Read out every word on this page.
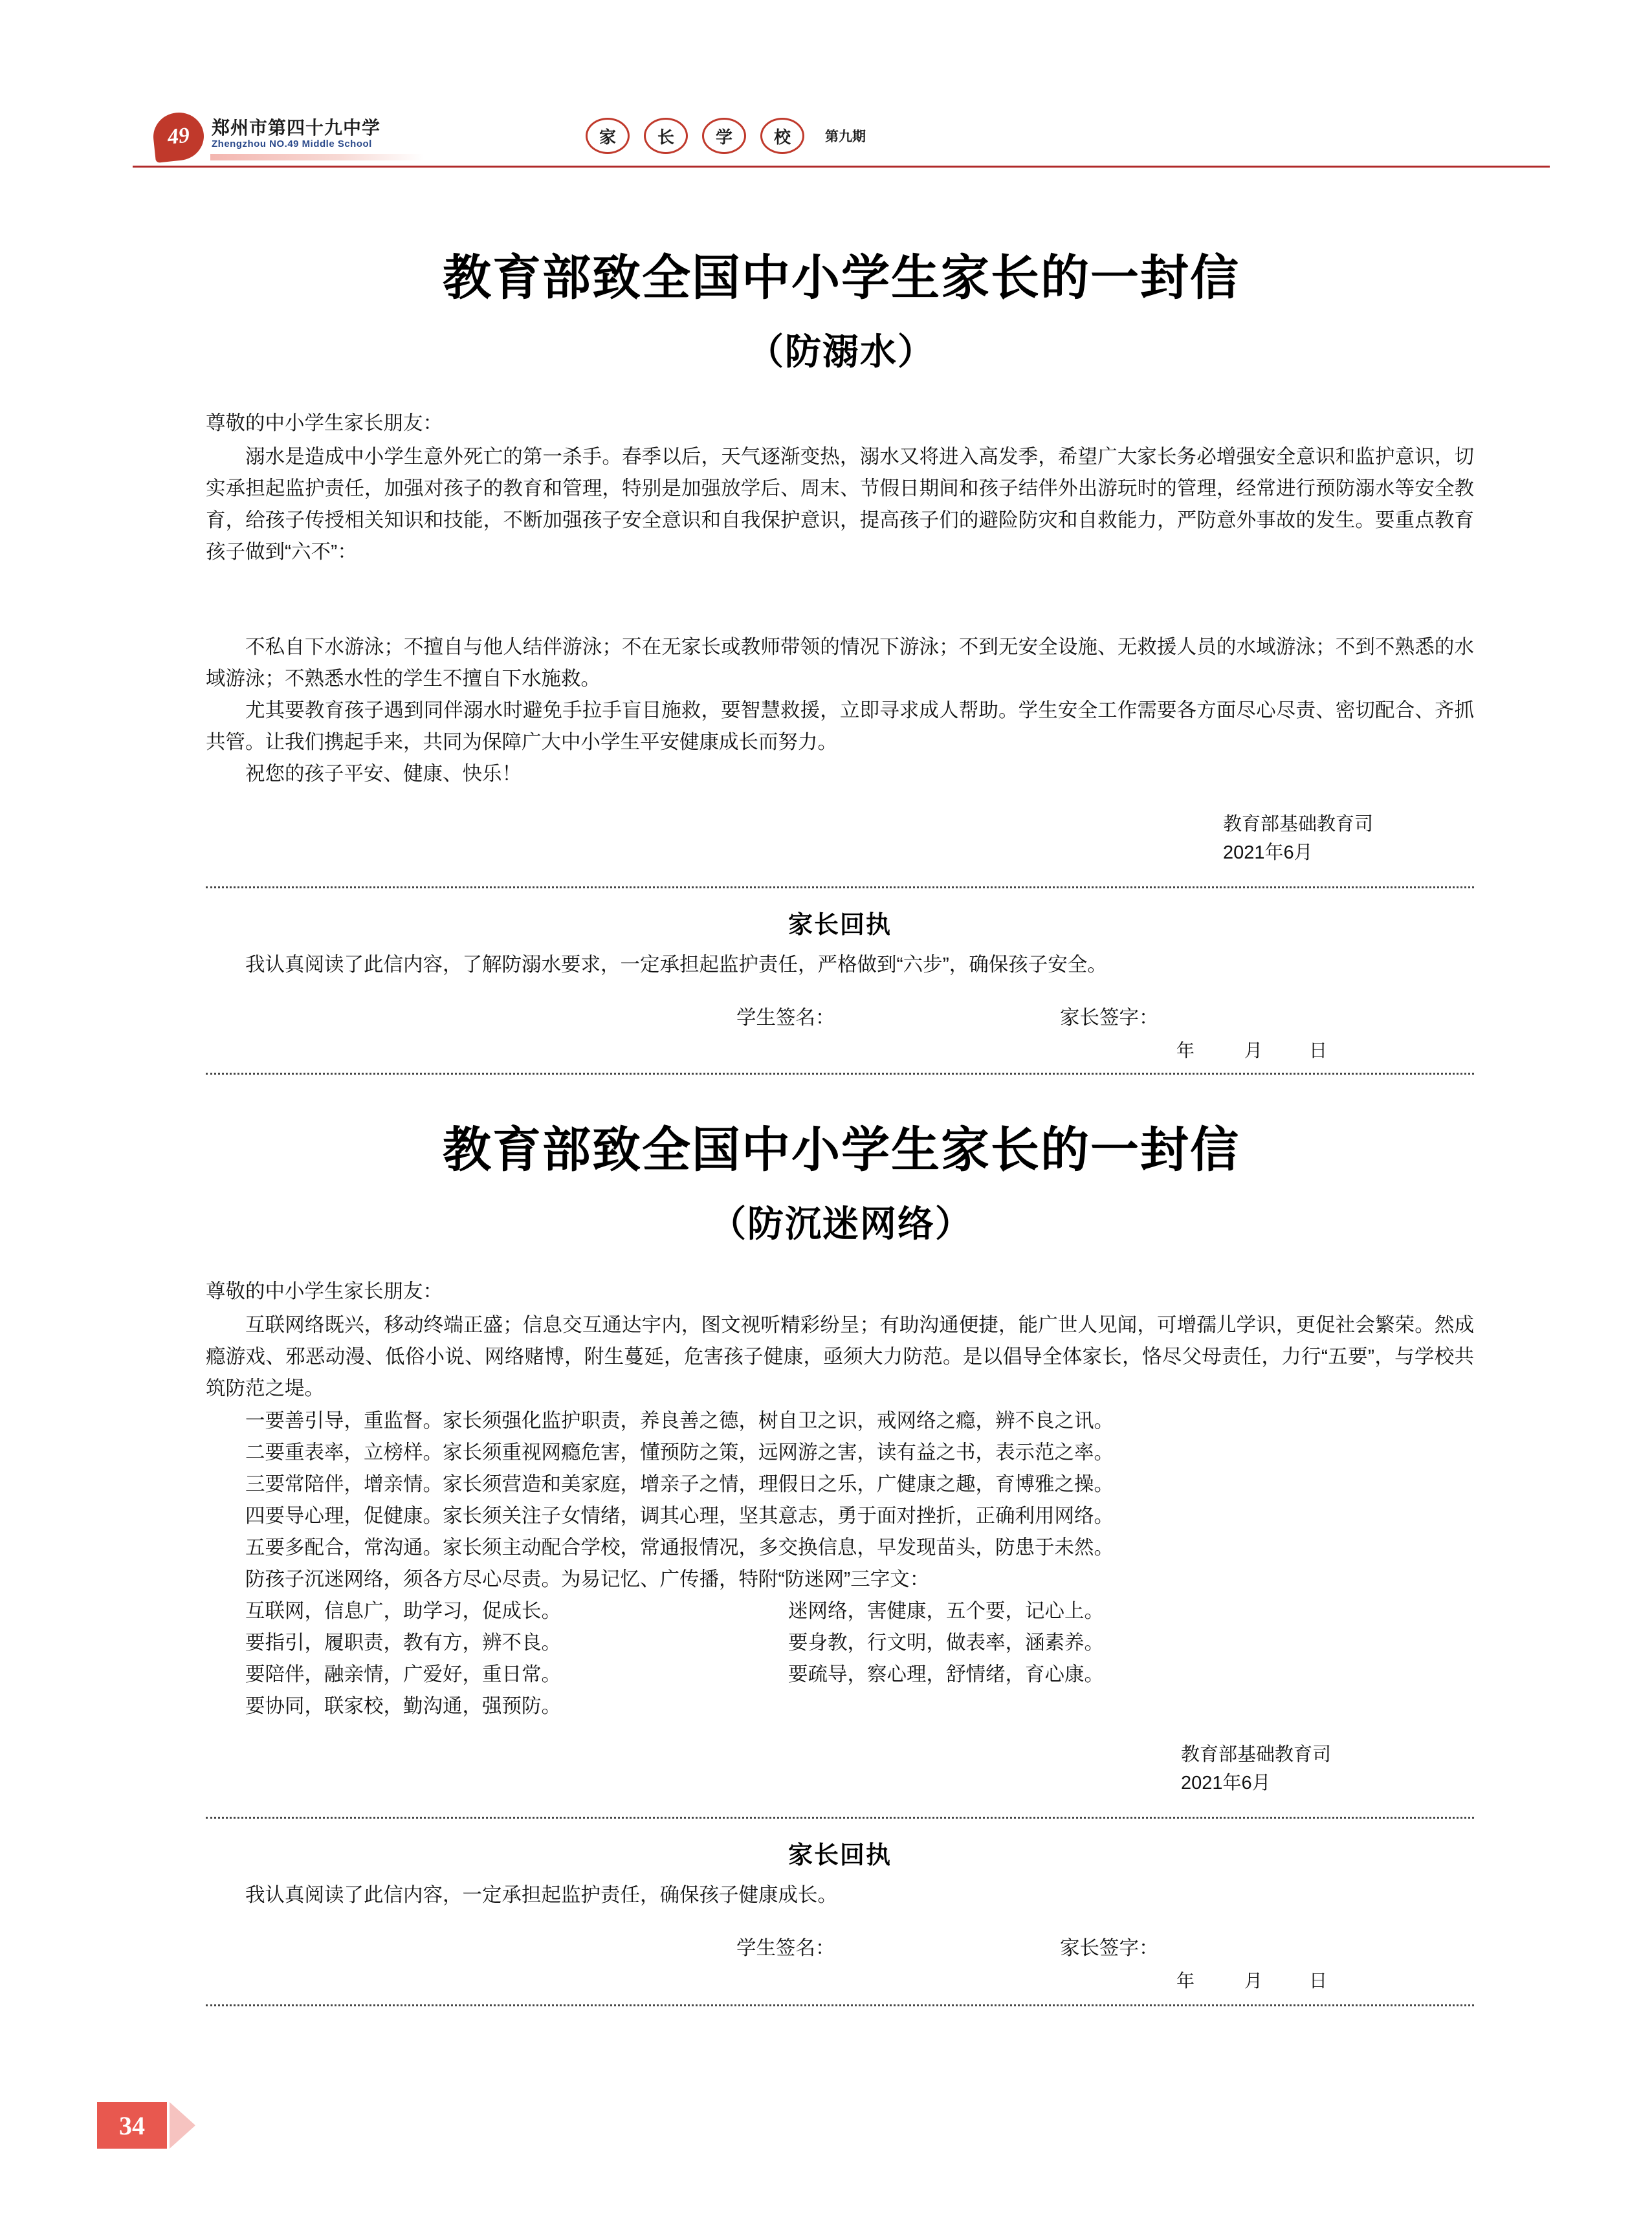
49 郑州市第四十九中学
Zhengzhou NO.49 Middle School	家	长	学	校	第九期
教育部致全国中小学生家长的一封信
（防溺水）
尊敬的中小学生家长朋友：
溺水是造成中小学生意外死亡的第一杀手。春季以后，天气逐渐变热，溺水又将进入高发季，希望广大家长务必增强安全意识和监护意识，切实承担起监护责任，加强对孩子的教育和管理，特别是加强放学后、周末、节假日期间和孩子结伴外出游玩时的管理，经常进行预防溺水等安全教育，给孩子传授相关知识和技能，不断加强孩子安全意识和自我保护意识，提高孩子们的避险防灾和自救能力，严防意外事故的发生。要重点教育孩子做到“六不”：
不私自下水游泳；不擅自与他人结伴游泳；不在无家长或教师带领的情况下游泳；不到无安全设施、无救援人员的水域游泳；不到不熟悉的水域游泳；不熟悉水性的学生不擅自下水施救。
尤其要教育孩子遇到同伴溺水时避免手拉手盲目施救，要智慧救援，立即寻求成人帮助。学生安全工作需要各方面尽心尽责、密切配合、齐抓共管。让我们携起手来，共同为保障广大中小学生平安健康成长而努力。
祝您的孩子平安、健康、快乐！
教育部基础教育司
2021年6月
家长回执
我认真阅读了此信内容，了解防溺水要求，一定承担起监护责任，严格做到“六步”，确保孩子安全。
学生签名：	家长签字：
年	月	日
教育部致全国中小学生家长的一封信
（防沉迷网络）
尊敬的中小学生家长朋友：
互联网络既兴，移动终端正盛；信息交互通达宇内，图文视听精彩纷呈；有助沟通便捷，能广世人见闻，可增孺儿学识，更促社会繁荣。然成瘾游戏、邪恶动漫、低俗小说、网络赌博，附生蔓延，危害孩子健康，亟须大力防范。是以倡导全体家长，恪尽父母责任，力行“五要”，与学校共筑防范之堤。
一要善引导，重监督。家长须强化监护职责，养良善之德，树自卫之识，戒网络之瘾，辨不良之讯。
二要重表率，立榜样。家长须重视网瘾危害，懂预防之策，远网游之害，读有益之书，表示范之率。
三要常陪伴，增亲情。家长须营造和美家庭，增亲子之情，理假日之乐，广健康之趣，育博雅之操。
四要导心理，促健康。家长须关注子女情绪，调其心理，坚其意志，勇于面对挫折，正确利用网络。
五要多配合，常沟通。家长须主动配合学校，常通报情况，多交换信息，早发现苗头，防患于未然。
防孩子沉迷网络，须各方尽心尽责。为易记忆、广传播，特附“防迷网”三字文：
互联网，信息广，助学习，促成长。	迷网络，害健康，五个要，记心上。
要指引，履职责，教有方，辨不良。	要身教，行文明，做表率，涵素养。
要陪伴，融亲情，广爱好，重日常。	要疏导，察心理，舒情绪，育心康。
要协同，联家校，勤沟通，强预防。
教育部基础教育司
2021年6月
家长回执
我认真阅读了此信内容，一定承担起监护责任，确保孩子健康成长。
学生签名：	家长签字：
年	月	日
34
